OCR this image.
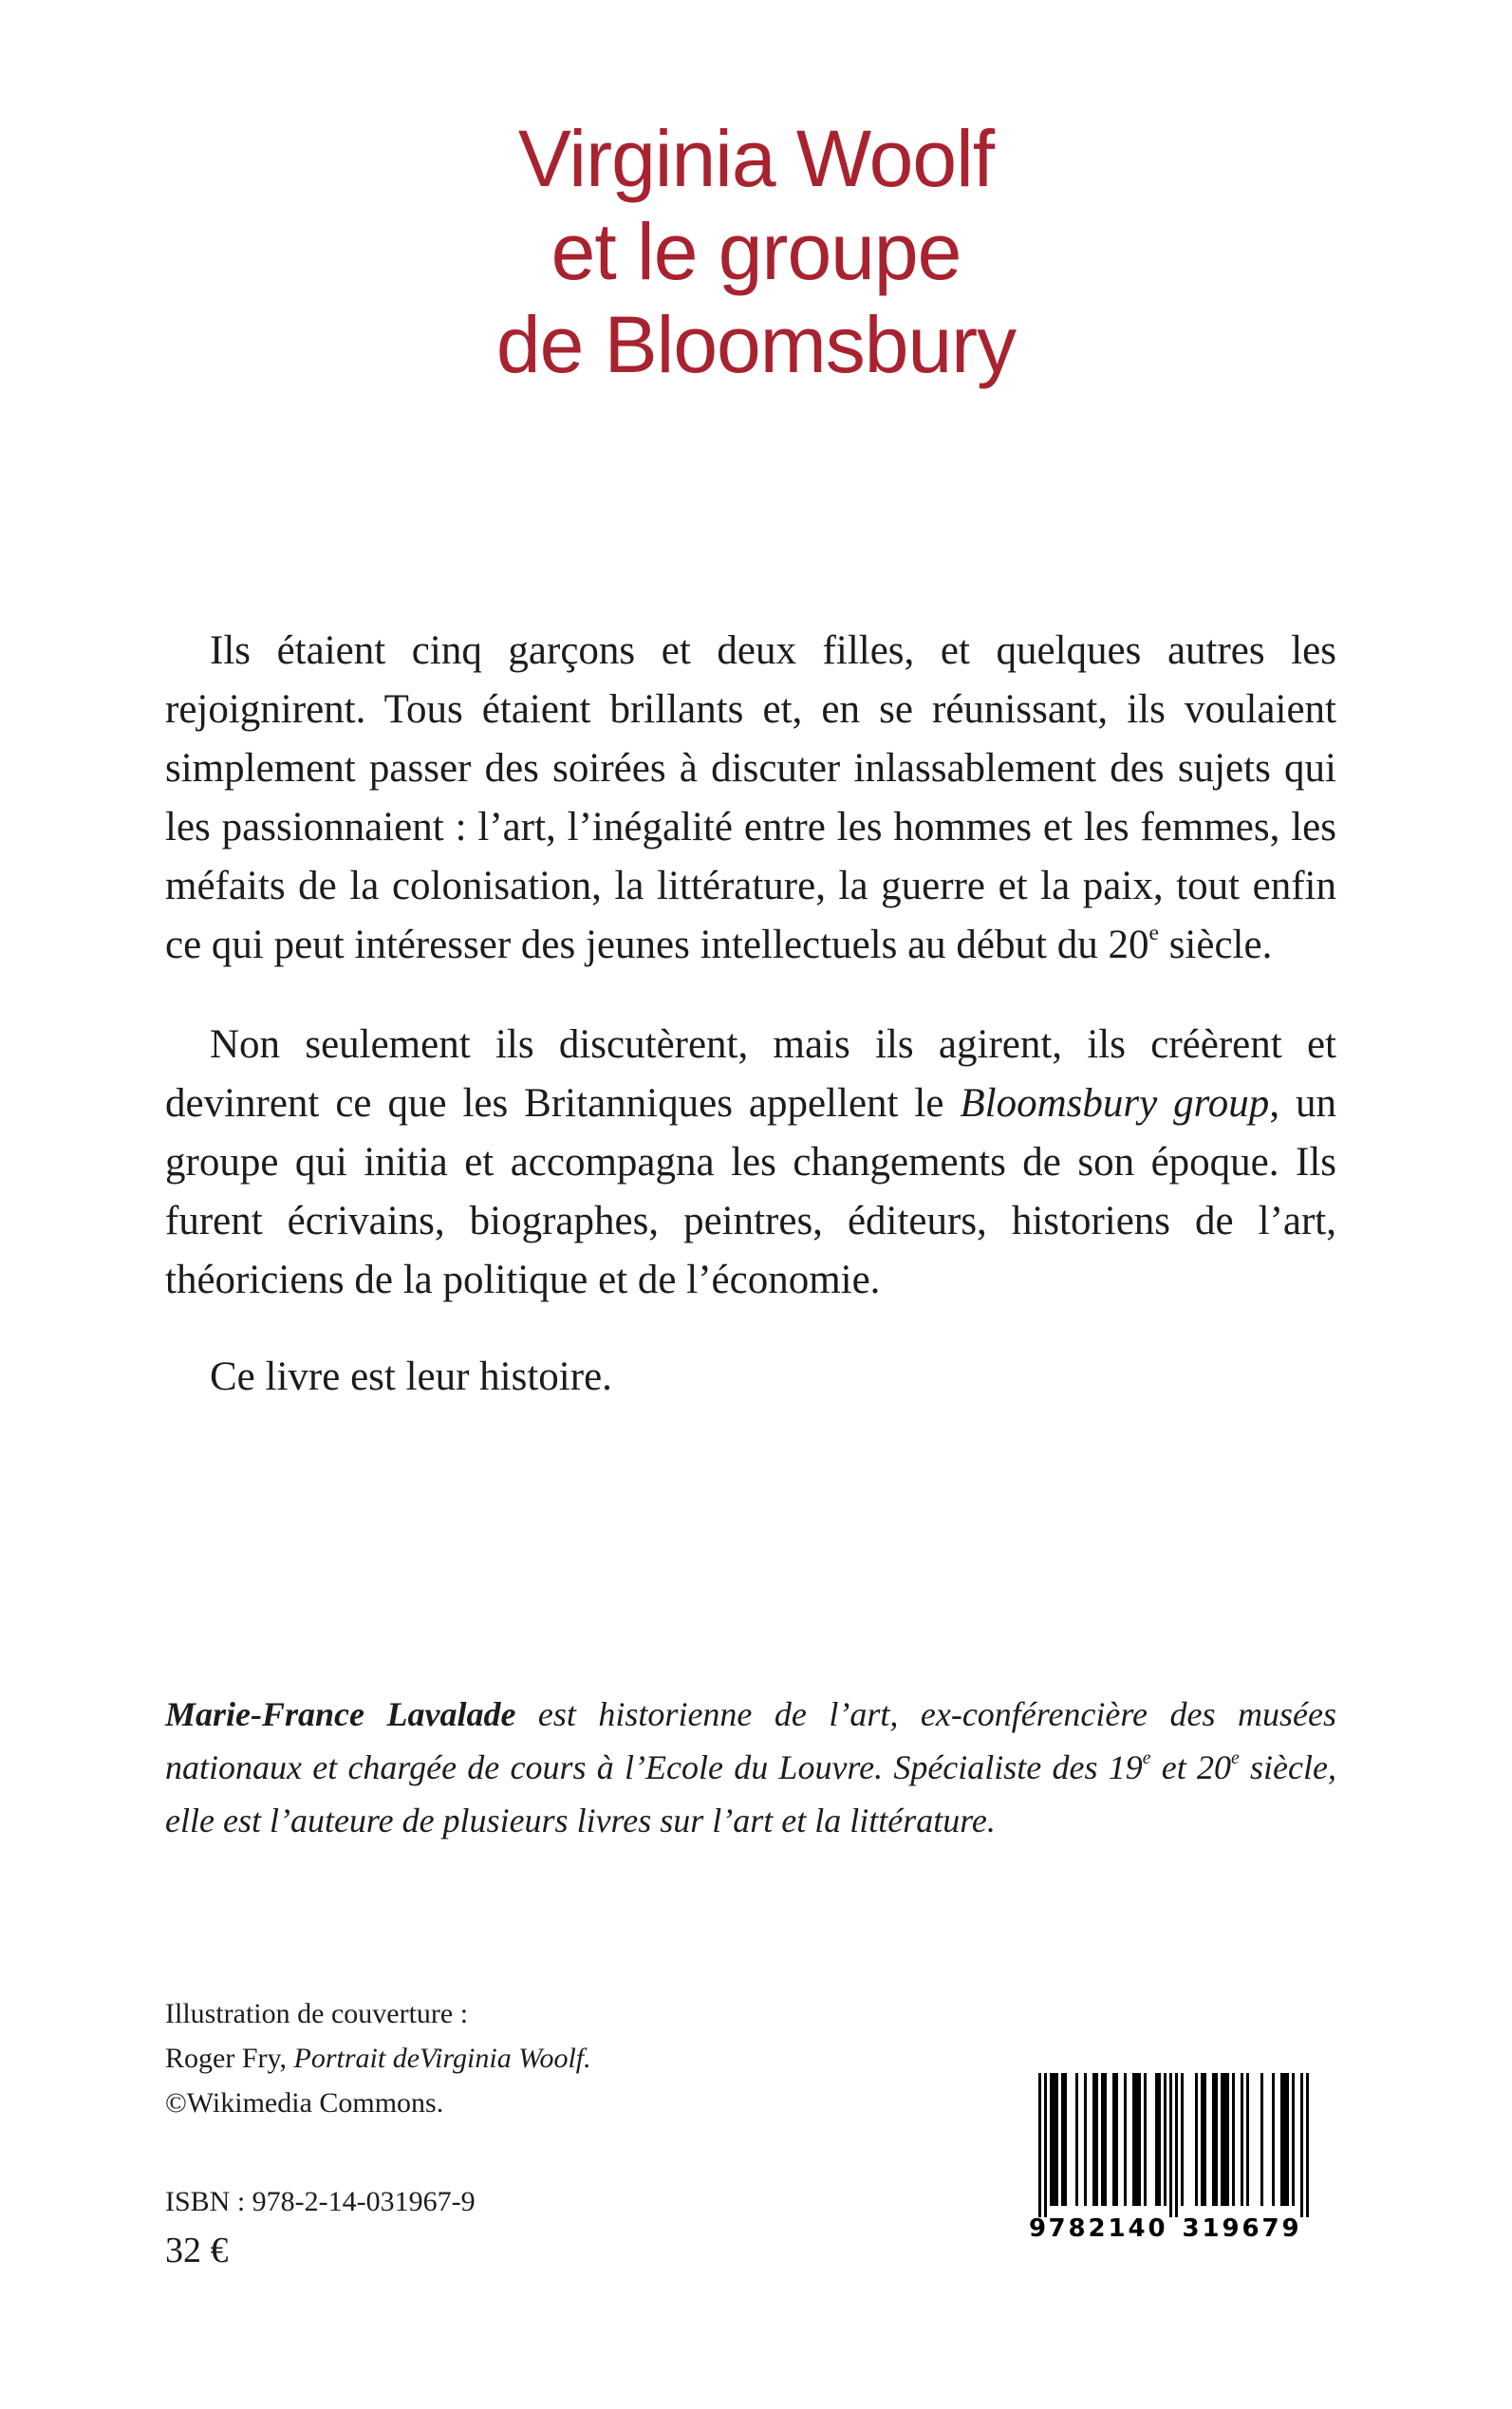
Virginia Woolf
et le groupe
de Bloomsbury

Ils étaient cinq garçons et deux filles, et quelques autres les rejoignirent. Tous étaient brillants et, en se réunissant, ils voulaient simplement passer des soirées à discuter inlassablement des sujets qui les passionnaient : l’art, l’inégalité entre les hommes et les femmes, les méfaits de la colonisation, la littérature, la guerre et la paix, tout enfin ce qui peut intéresser des jeunes intellectuels au début du 20e siècle.

Non seulement ils discutèrent, mais ils agirent, ils créèrent et devinrent ce que les Britanniques appellent le Bloomsbury group, un groupe qui initia et accompagna les changements de son époque. Ils furent écrivains, biographes, peintres, éditeurs, historiens de l’art, théoriciens de la politique et de l’économie.

Ce livre est leur histoire.

Marie-France Lavalade est historienne de l’art, ex-conférencière des musées nationaux et chargée de cours à l’Ecole du Louvre. Spécialiste des 19e et 20e siècle, elle est l’auteure de plusieurs livres sur l’art et la littérature.

Illustration de couverture :
Roger Fry, Portrait deVirginia Woolf.
©Wikimedia Commons.
ISBN : 978-2-14-031967-9
32 €
9 7 8 2 1 4 0 3 1 9 6 7 9
